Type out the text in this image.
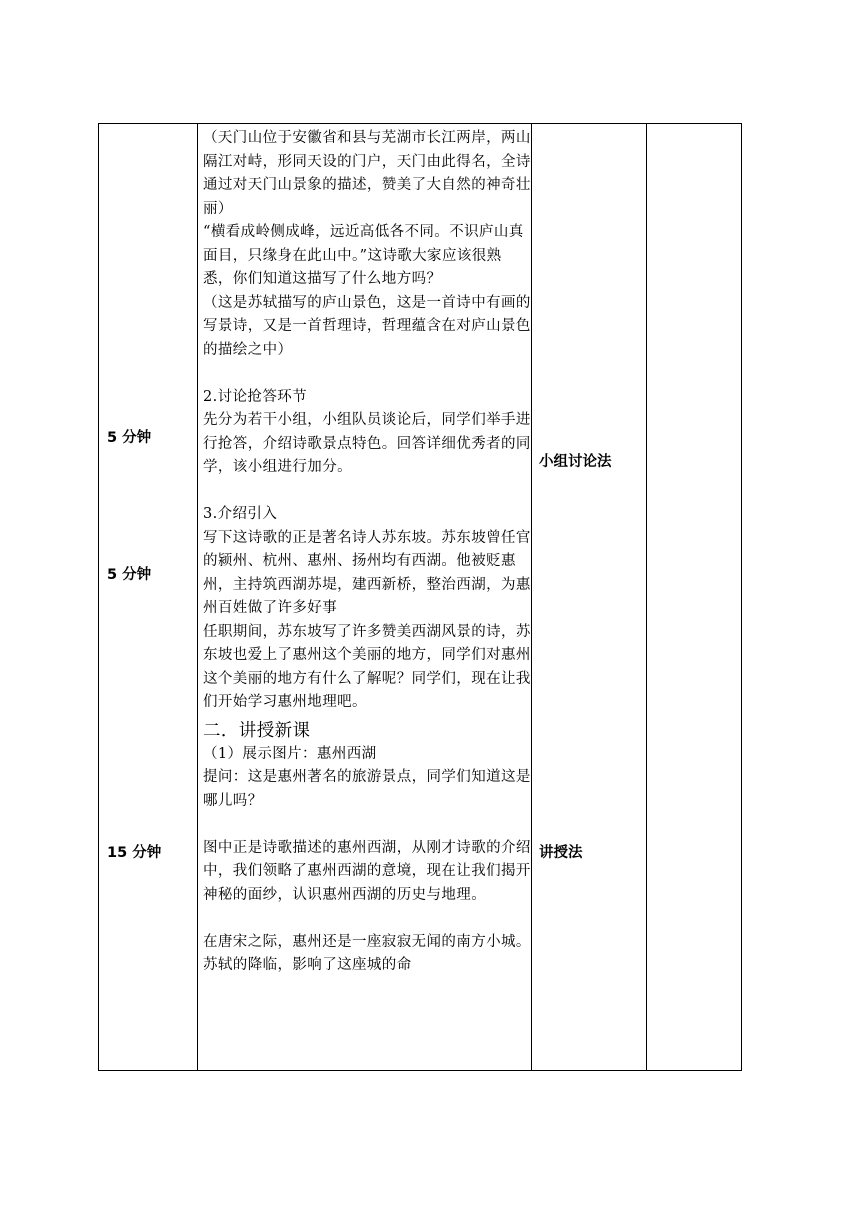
5 分钟
5 分钟
15 分钟
小组讨论法
讲授法

（天门山位于安徽省和县与芜湖市长江两岸，两山隔江对峙，形同天设的门户，天门由此得名，全诗通过对天门山景象的描述，赞美了大自然的神奇壮丽）

“横看成岭侧成峰，远近高低各不同。不识庐山真面目，只缘身在此山中。”这诗歌大家应该很熟悉，你们知道这描写了什么地方吗？

（这是苏轼描写的庐山景色，这是一首诗中有画的写景诗，又是一首哲理诗，哲理蕴含在对庐山景色的描绘之中）

2.讨论抢答环节

先分为若干小组，小组队员谈论后，同学们举手进行抢答，介绍诗歌景点特色。回答详细优秀者的同学，该小组进行加分。

3.介绍引入

写下这诗歌的正是著名诗人苏东坡。苏东坡曾任官的颍州、杭州、惠州、扬州均有西湖。他被贬惠州，主持筑西湖苏堤，建西新桥，整治西湖，为惠州百姓做了许多好事

任职期间，苏东坡写了许多赞美西湖风景的诗，苏东坡也爱上了惠州这个美丽的地方，同学们对惠州这个美丽的地方有什么了解呢？同学们，现在让我们开始学习惠州地理吧。

二．讲授新课

（1）展示图片：惠州西湖

提问：这是惠州著名的旅游景点，同学们知道这是哪儿吗？

图中正是诗歌描述的惠州西湖，从刚才诗歌的介绍中，我们领略了惠州西湖的意境，现在让我们揭开神秘的面纱，认识惠州西湖的历史与地理。

在唐宋之际，惠州还是一座寂寂无闻的南方小城。苏轼的降临，影响了这座城的命
